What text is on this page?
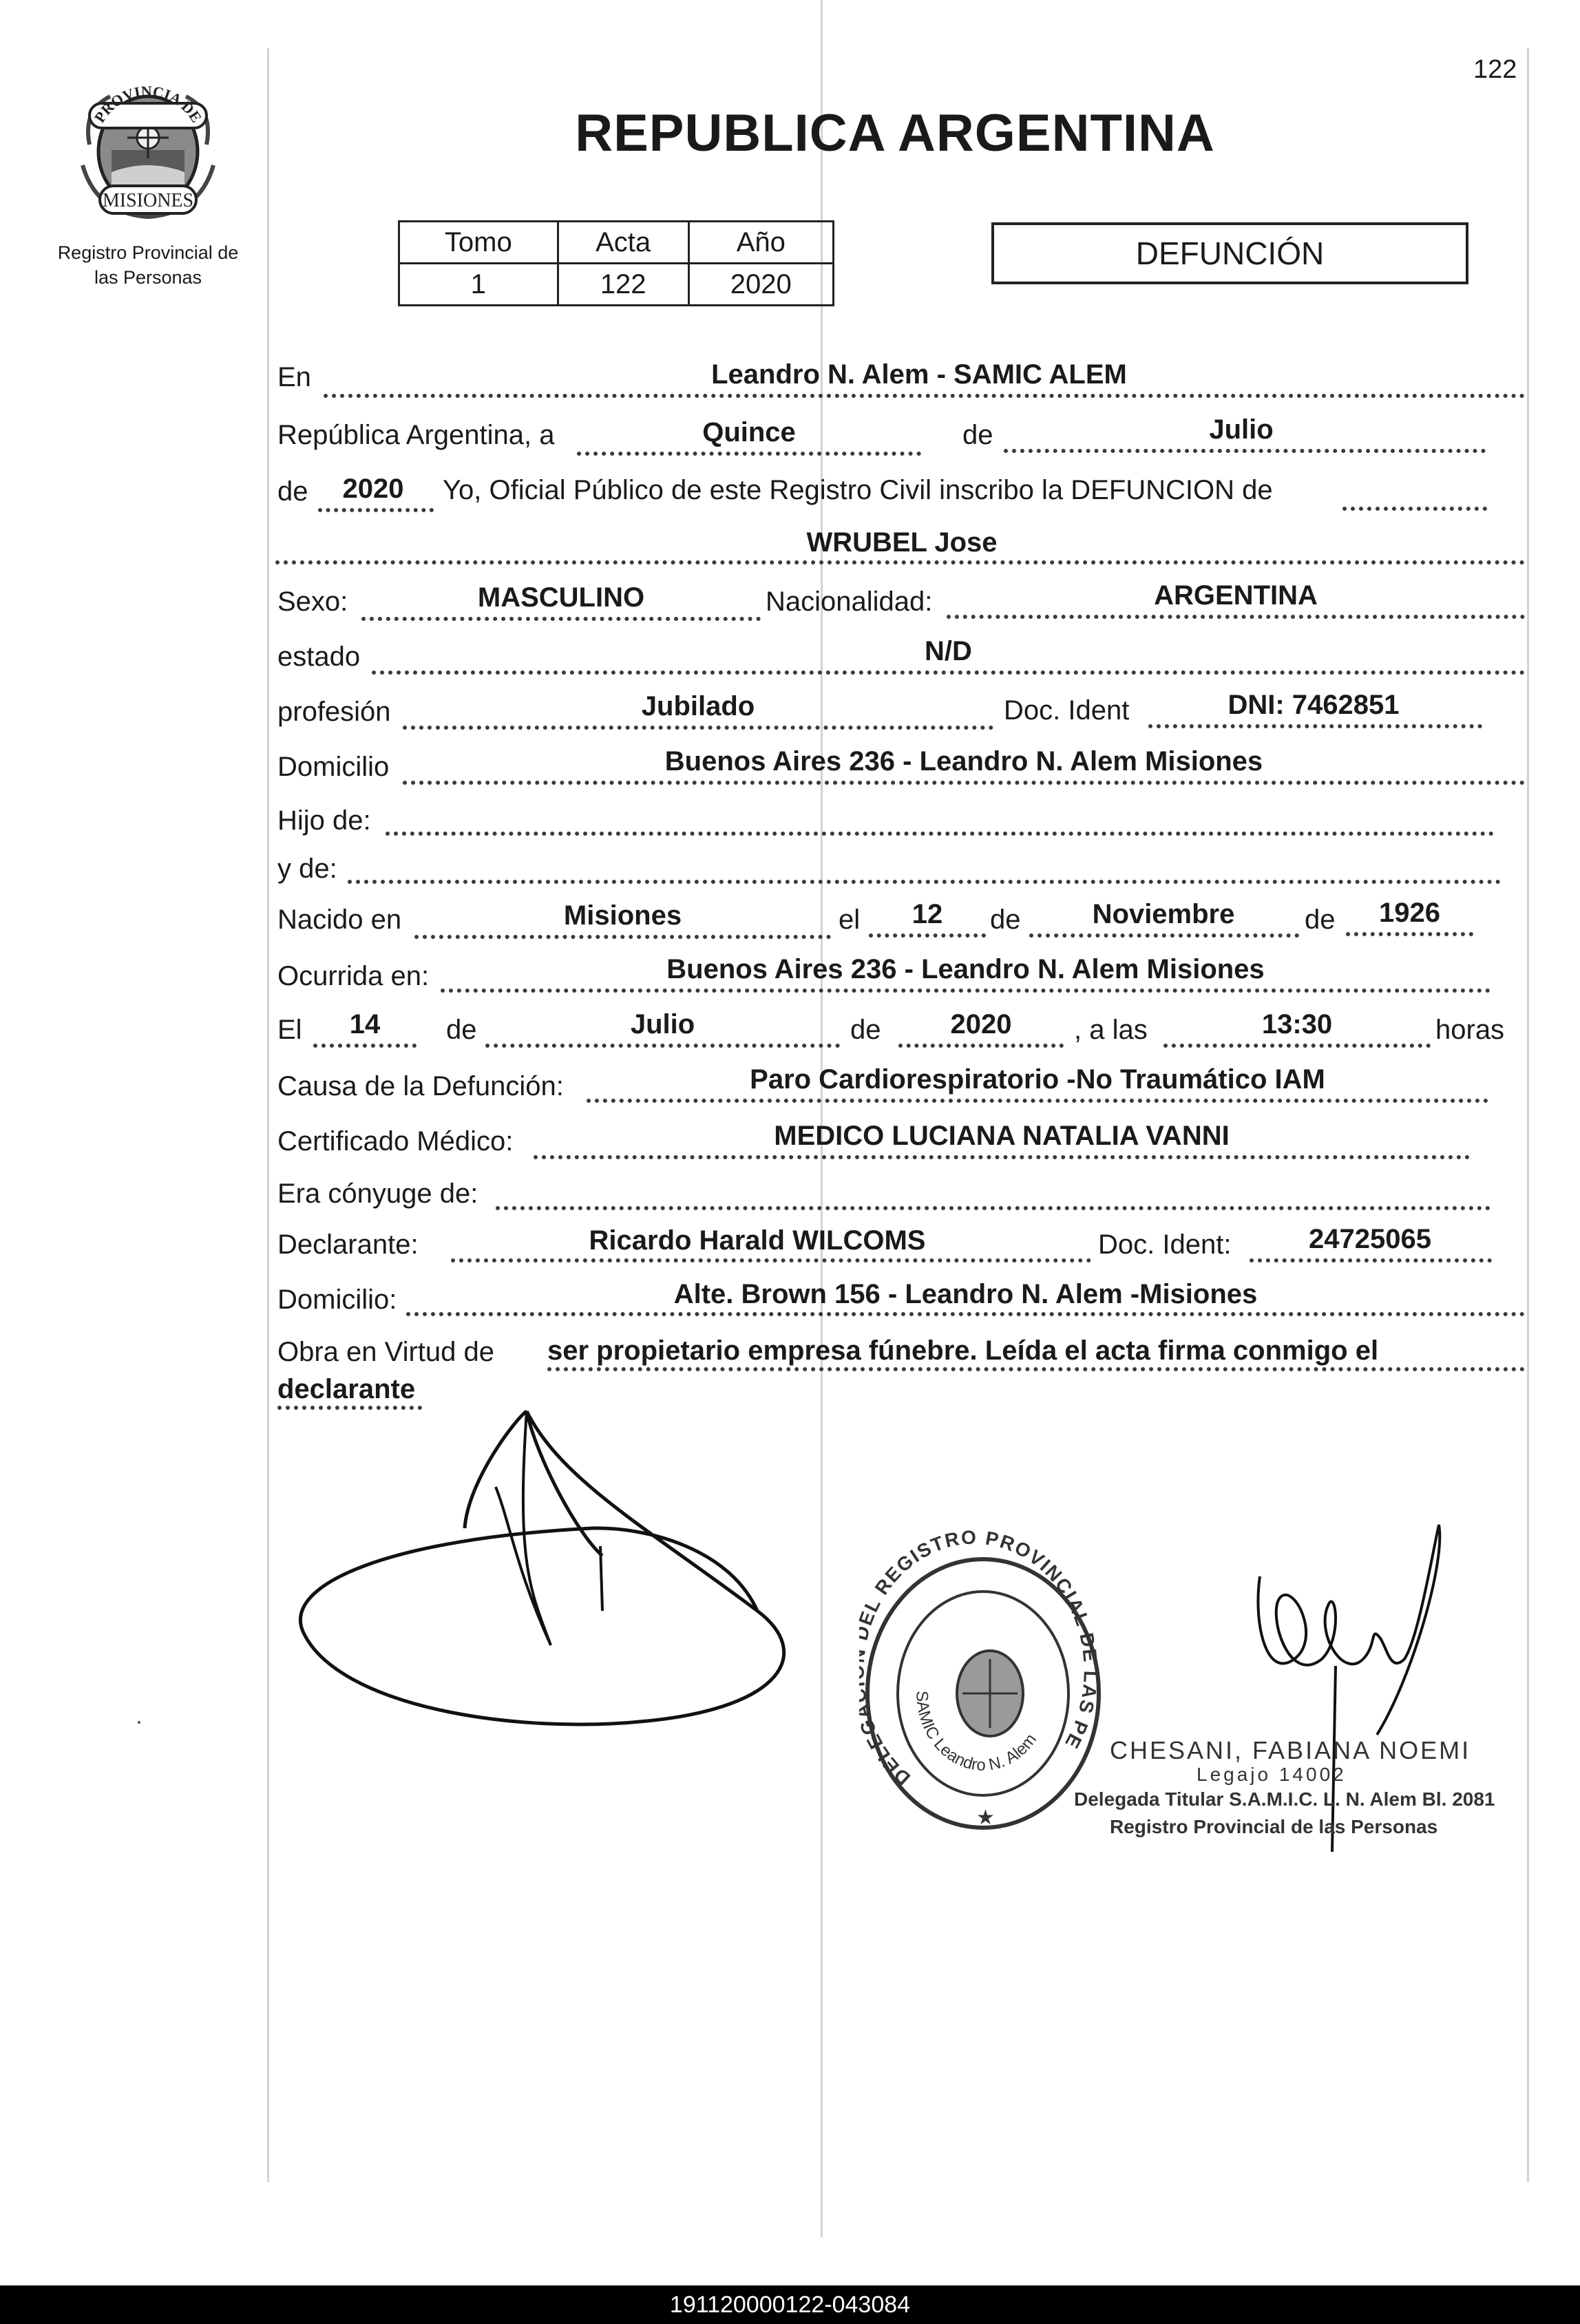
122
PROVINCIA DE
MISIONES
Registro Provincial de
las Personas
REPUBLICA ARGENTINA
Tomo	Acta	Año
1	122	2020
DEFUNCIÓN
En	Leandro N. Alem - SAMIC ALEM
República Argentina, a	Quince	de	Julio
de	2020	Yo, Oficial Público de este Registro Civil inscribo la DEFUNCION de
WRUBEL Jose
Sexo:	MASCULINO	Nacionalidad:	ARGENTINA
estado	N/D
profesión	Jubilado	Doc. Ident	DNI: 7462851
Domicilio	Buenos Aires 236 - Leandro N. Alem Misiones
Hijo de:
y de:
Nacido en	Misiones	el	12	de	Noviembre	de	1926
Ocurrida en:	Buenos Aires 236 - Leandro N. Alem Misiones
El	14	de	Julio	de	2020	, a las	13:30	horas
Causa de la Defunción:	Paro Cardiorespiratorio -No Traumático IAM
Certificado Médico:	MEDICO LUCIANA NATALIA VANNI
Era cónyuge de:
Declarante:	Ricardo Harald WILCOMS	Doc. Ident:	24725065
Domicilio:	Alte. Brown 156 - Leandro N. Alem -Misiones
Obra en Virtud de ser propietario empresa fúnebre. Leída el acta firma conmigo el
declarante
DELE L REGISTRO PROVINCIAL DE LAS PE
SAMIC Leandro N. Alem
★
CHESANI, FABIANA NOEMI
Legajo 14002
Delegada Titular S.A.M.I.C. L. N. Alem Bl. 2081
Registro Provincial de las Personas
191120000122-043084
